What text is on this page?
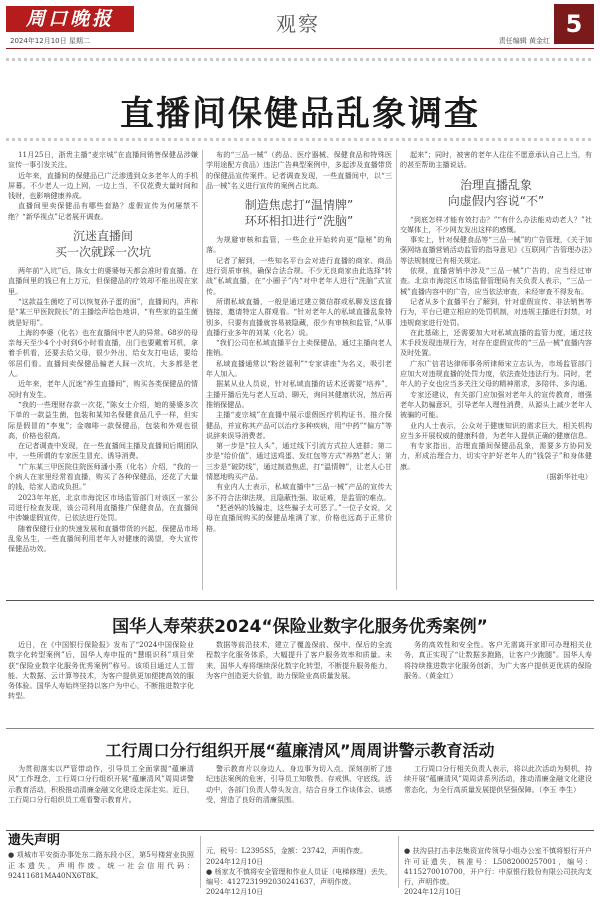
周口晚报
2024年12月10日 星期二
观察
责任编辑 黄金红
5
直播间保健品乱象调查

11月25日，浙贵主播“麦宗城”在直播间销售保健品涉嫌宣传一事引发关注。

近年来，直播间的保健品已广泛渗透到众多老年人的手机屏幕。不少老人一边上网，一边上当，不仅花费大量时间和钱财，也影响健康养成。

直播间里卖保健品有哪些套路？虚假宣传为何屡禁不绝？“新华视点”记者展开调查。

沉迷直播间
买一次就踩一次坑

两年前“入坑”后，陈女士的婆婆每天都会准时看直播。在直播间里的钱已有上万元，但保健品的疗效却不能出现在家里。

“这款益生菌吃了可以恢复孙子蛋的面”，直播间内，声称是“某三甲医院院长”的主播绘声绘色地讲，“有些家的益生菌就是好用”。

上海的李婆（化名）也在直播间中老人的异常。68岁的母亲每天至少4个小时到6小时看直播，出门也要戴着耳机，拿着手机看，还要去给父母，很少外出，给女友打电话，要给邻居们看。直播间卖保健品骗老人踩一次坑，大多都是老人。

近年来，老年人沉迷“养生直播间”，购买各类保健品的情况时有发生。

“我的一些理财存款一次花，”陈女士介绍，她的婆婆多次下单的一款益生菌，包装和某知名保健食品几乎一样，但实际是假冒的“李鬼”；金咖啡一款保健品，包装和外观也很高，价格也很高。

在记者调查中发现，在一些直播间主播及直播间后期团队中，一些所谓的专家医生冒充、诱导消费。

“广东某三甲医院住院医师潘小燕（化名）介绍，“我的一个病人在家里经常看直播，购买了各种保健品，还花了大量的钱，给家人造成负担。”

2023年年底，北京市海淀区市场监管部门对该区一家公司进行检查发现，该公司利用直播推广保健食品，在直播间中涉嫌虚假宣传，已依法进行处罚。

随着保健行业的快速发展和直播带货的兴起，保健品市场乱象丛生，一些直播间利用老年人对健康的渴望，夸大宣传保健品功效。

布的“三品一械”（药品、医疗器械、保健食品和特殊医学用途配方食品）违法广告典型案例中，多起涉及直播带货的保健品宣传案件。记者调查发现，一些直播间中，以“三品一械”名义进行宣传的案例占比高。

制造焦虑打“温情牌”
环环相扣进行“洗脑”

为规避审核和监管，一些企业开始转向更“隐秘”的角落。

记者了解到，一些知名平台会对进行直播的商家、商品进行资质审核，确保合法合规。不少无良商家由此选择“转战”私域直播，在“小圈子”内“对中老年人进行“洗脑”式宣传。

所谓私域直播，一般是通过建立微信群或私聊发送直播链接，邀请特定人群观看。“针对老年人的私域直播乱象特别多，只要有直播就容易被隐藏，很少有审核和监管，”从事直播行业多年的刘某（化名）说。

“我们公司在私域直播平台上卖保健品，通过主播向老人推销。

私域直播通常以“粉丝福利”“专家讲座”为名义，吸引老年人加入。

据某从业人员说，针对私域直播的话术还需要“培养”，主播开播后先与老人互动、聊天，询问其健康状况，然后再推销保健品。

主播“麦宗城”在直播中展示虚假医疗机构证书，推介保健品，并宣称其产品可以治疗多种疾病，用“中药”“偏方”等说辞来误导消费者。

第一步是“拉人头”，通过线下引流方式拉人进群；第二步是“给价值”，通过送鸡蛋、发红包等方式“养熟”老人；第三步是“破防线”，通过制造焦虑，打“温情牌”，让老人心甘情愿地购买产品。

有业内人士表示，私域直播中“三品一械”产品的宣传大多不符合法律法规，且隐蔽性强、取证难，是监管的难点。

“把爸妈的钱骗走，这些骗子太可恶了。”一位子女说，父母在直播间购买的保健品堆满了家，价格也远高于正常价格。

起来”；同时，被害的老年人往往不愿意承认自己上当，有的甚至帮助主播说话。

治理直播乱象
向虚假内容说“不”

“到底怎样才能有效打击？”“有什么办法能劝动老人？”社交媒体上，不少网友发出这样的感慨。

事实上，针对保健食品等“三品一械”的广告管理，《关于加强网络直播营销活动监管的指导意见》《互联网广告管理办法》等法规制度已有相关规定。

依规，直播营销中涉及“三品一械”广告的，应当经过审查。北京市海淀区市场监督管理局有关负责人表示，“三品一械”直播内容中的广告，应当依法审查，未经审查不得发布。

记者从多个直播平台了解到，针对虚假宣传、非法销售等行为，平台已建立相应的处罚机制，对违规主播进行封禁，对违规商家进行处罚。

在此基础上，还需要加大对私域直播的监管力度，通过技术手段发现违规行为，对存在虚假宣传的“三品一械”直播内容及时处置。

广东广信君达律师事务所律师宋立志认为，市场监管部门应加大对违规直播的处罚力度，依法查处违法行为。同时，老年人的子女也应当多关注父母的精神需求，多陪伴、多沟通。

专家还建议，有关部门应加强对老年人的宣传教育，增强老年人防骗意识，引导老年人理性消费，从源头上减少老年人被骗的可能。

业内人士表示，公众对于健康知识的需求巨大，相关机构应当多开展权威的健康科普，为老年人提供正确的健康信息。

有专家指出，治理直播间保健品乱象，需要多方协同发力，形成治理合力，切实守护好老年人的“钱袋子”和身体健康。

（据新华社电）

国华人寿荣获2024“保险业数字化服务优秀案例”

近日，在《中国银行保险报》发布了“2024中国保险业数字化转型案例”后，国华人寿申报的“慧眼识科”项目荣获“保险业数字化服务优秀案例”称号。该项目通过人工智能、大数据、云计算等技术，为客户提供更加便捷高效的服务体验。国华人寿始终坚持以客户为中心，不断推进数字化转型。

数据等前沿技术，建立了覆盖保前、保中、保后的全流程数字化服务体系，大幅提升了客户服务效率和质量。未来，国华人寿将继续深化数字化转型，不断提升服务能力，为客户创造更大价值，助力保险业高质量发展。

务的高效性和安全性。客户无需离开家即可办理相关业务，真正实现了“让数据多跑路，让客户少跑腿”。国华人寿将持续推进数字化服务创新，为广大客户提供更优质的保险服务。（黄金红）

工行周口分行组织开展“蕴廉清风”周周讲警示教育活动

为贯彻落实以严管带动作，引导员工全面掌握“蕴廉清风”工作理念，工行周口分行组织开展“蕴廉清风”周周讲警示教育活动，积极推动清廉金融文化建设走深走实。近日，工行周口分行组织员工观看警示教育片。

警示教育片以身边人、身边事为切入点，深刻剖析了违纪违法案例的危害，引导员工知敬畏、存戒惧、守底线。活动中，各部门负责人带头发言，结合自身工作谈体会、谈感受，营造了良好的清廉氛围。

工行周口分行相关负责人表示，将以此次活动为契机，持续开展“蕴廉清风”周周讲系列活动，推动清廉金融文化建设常态化，为全行高质量发展提供坚强保障。（李玉 李生）

遗失声明

● 项城市平安街办事处东二路东段小区，第5号楼营业执照正本遗失，声明作废。统一社会信用代码：92411681MA40NX6T8K。

元，税号：L2395S5，金额：23742，声明作废。
2024年12月10日
● 杨家友不慎将安全管理和作业人员证（电梯修理）丢失，编号：4127231992030241637，声明作废。
2024年12月10日

● 扶沟县打击非法集资宣传领导小组办公室不慎将银行开户许可证遗失，核准号：L5082000257001，编号：4115270010700，开户行：中原银行股份有限公司扶沟支行，声明作废。
2024年12月10日
